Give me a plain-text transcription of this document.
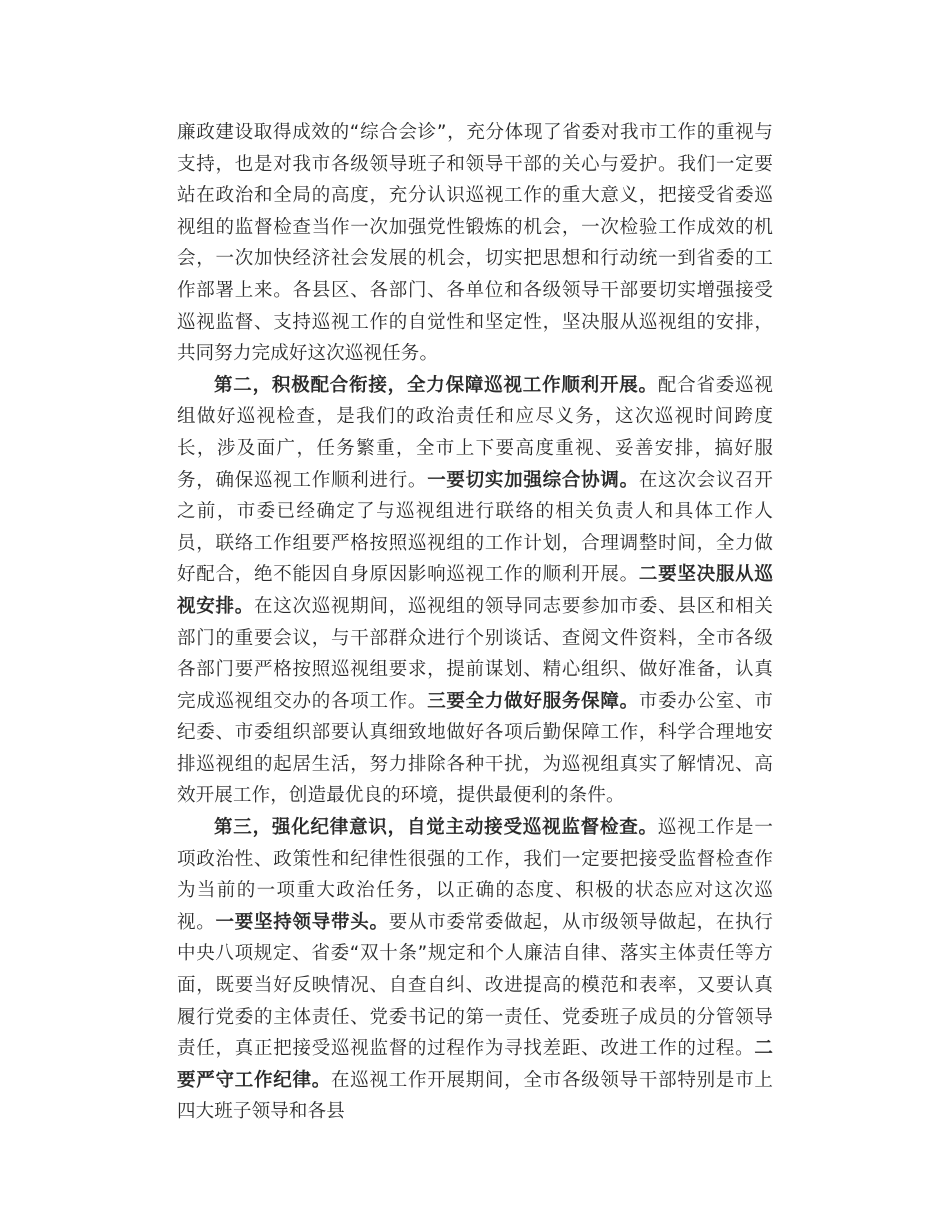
廉政建设取得成效的“综合会诊”，充分体现了省委对我市工作的重视与支持，也是对我市各级领导班子和领导干部的关心与爱护。我们一定要站在政治和全局的高度，充分认识巡视工作的重大意义，把接受省委巡视组的监督检查当作一次加强党性锻炼的机会，一次检验工作成效的机会，一次加快经济社会发展的机会，切实把思想和行动统一到省委的工作部署上来。各县区、各部门、各单位和各级领导干部要切实增强接受巡视监督、支持巡视工作的自觉性和坚定性，坚决服从巡视组的安排，共同努力完成好这次巡视任务。

第二，积极配合衔接，全力保障巡视工作顺利开展。配合省委巡视组做好巡视检查，是我们的政治责任和应尽义务，这次巡视时间跨度长，涉及面广，任务繁重，全市上下要高度重视、妥善安排，搞好服务，确保巡视工作顺利进行。一要切实加强综合协调。在这次会议召开之前，市委已经确定了与巡视组进行联络的相关负责人和具体工作人员，联络工作组要严格按照巡视组的工作计划，合理调整时间，全力做好配合，绝不能因自身原因影响巡视工作的顺利开展。二要坚决服从巡视安排。在这次巡视期间，巡视组的领导同志要参加市委、县区和相关部门的重要会议，与干部群众进行个别谈话、查阅文件资料，全市各级各部门要严格按照巡视组要求，提前谋划、精心组织、做好准备，认真完成巡视组交办的各项工作。三要全力做好服务保障。市委办公室、市纪委、市委组织部要认真细致地做好各项后勤保障工作，科学合理地安排巡视组的起居生活，努力排除各种干扰，为巡视组真实了解情况、高效开展工作，创造最优良的环境，提供最便利的条件。

第三，强化纪律意识，自觉主动接受巡视监督检查。巡视工作是一项政治性、政策性和纪律性很强的工作，我们一定要把接受监督检查作为当前的一项重大政治任务，以正确的态度、积极的状态应对这次巡视。一要坚持领导带头。要从市委常委做起，从市级领导做起，在执行中央八项规定、省委“双十条”规定和个人廉洁自律、落实主体责任等方面，既要当好反映情况、自查自纠、改进提高的模范和表率，又要认真履行党委的主体责任、党委书记的第一责任、党委班子成员的分管领导责任，真正把接受巡视监督的过程作为寻找差距、改进工作的过程。二要严守工作纪律。在巡视工作开展期间，全市各级领导干部特别是市上四大班子领导和各县
